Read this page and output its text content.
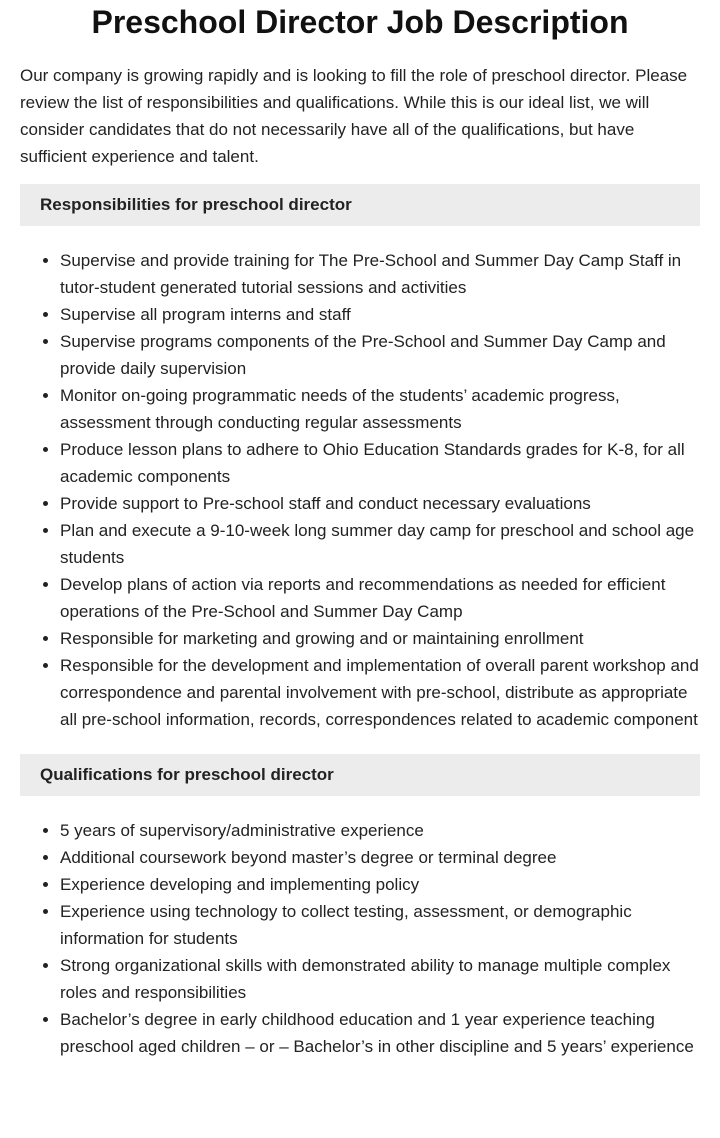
Preschool Director Job Description

Our company is growing rapidly and is looking to fill the role of preschool director. Please review the list of responsibilities and qualifications. While this is our ideal list, we will consider candidates that do not necessarily have all of the qualifications, but have sufficient experience and talent.

Responsibilities for preschool director
• Supervise and provide training for The Pre-School and Summer Day Camp Staff in tutor-student generated tutorial sessions and activities
• Supervise all program interns and staff
• Supervise programs components of the Pre-School and Summer Day Camp and provide daily supervision
• Monitor on-going programmatic needs of the students’ academic progress, assessment through conducting regular assessments
• Produce lesson plans to adhere to Ohio Education Standards grades for K-8, for all academic components
• Provide support to Pre-school staff and conduct necessary evaluations
• Plan and execute a 9-10-week long summer day camp for preschool and school age students
• Develop plans of action via reports and recommendations as needed for efficient operations of the Pre-School and Summer Day Camp
• Responsible for marketing and growing and or maintaining enrollment
• Responsible for the development and implementation of overall parent workshop and correspondence and parental involvement with pre-school, distribute as appropriate all pre-school information, records, correspondences related to academic component
Qualifications for preschool director
• 5 years of supervisory/administrative experience
• Additional coursework beyond master’s degree or terminal degree
• Experience developing and implementing policy
• Experience using technology to collect testing, assessment, or demographic information for students
• Strong organizational skills with demonstrated ability to manage multiple complex roles and responsibilities
• Bachelor’s degree in early childhood education and 1 year experience teaching preschool aged children – or – Bachelor’s in other discipline and 5 years’ experience
